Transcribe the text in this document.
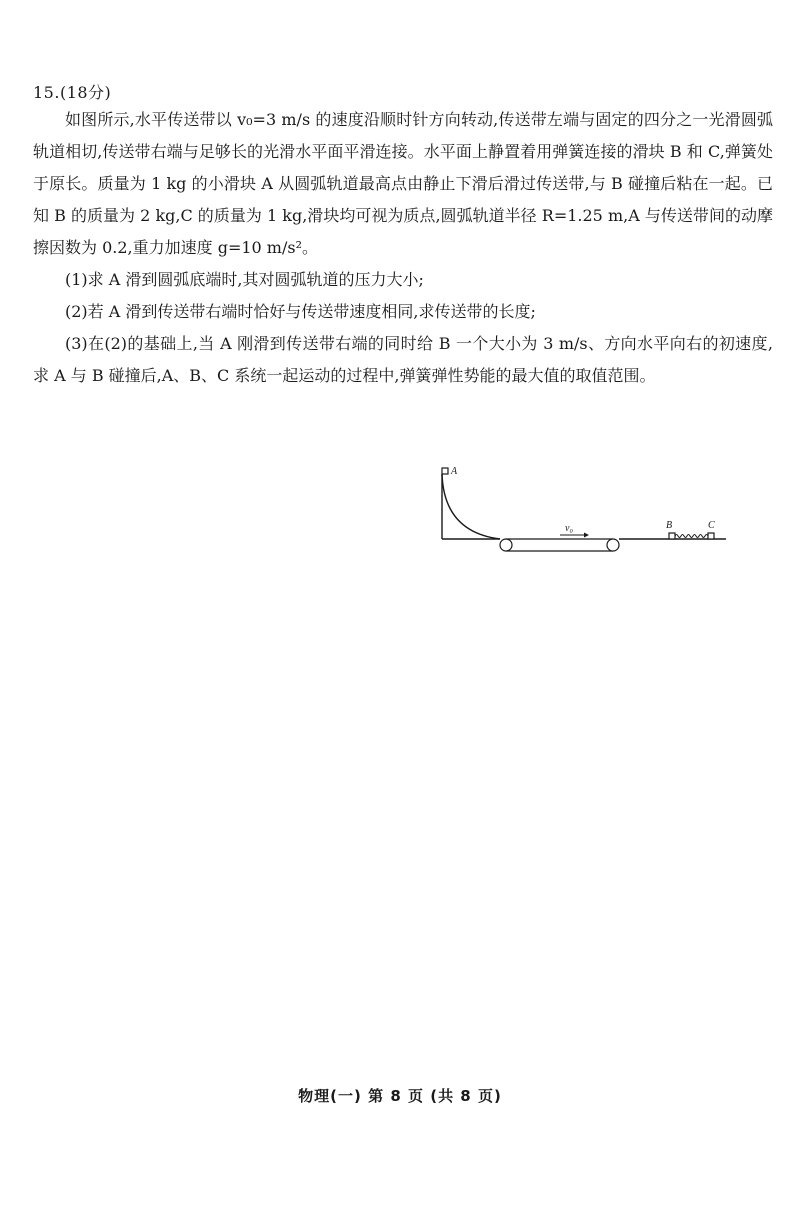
15.(18分)

如图所示,水平传送带以 v₀=3 m/s 的速度沿顺时针方向转动,传送带左端与固定的四分之一光滑圆弧轨道相切,传送带右端与足够长的光滑水平面平滑连接。水平面上静置着用弹簧连接的滑块 B 和 C,弹簧处于原长。质量为 1 kg 的小滑块 A 从圆弧轨道最高点由静止下滑后滑过传送带,与 B 碰撞后粘在一起。已知 B 的质量为 2 kg,C 的质量为 1 kg,滑块均可视为质点,圆弧轨道半径 R=1.25 m,A 与传送带间的动摩擦因数为 0.2,重力加速度 g=10 m/s²。

(1)求 A 滑到圆弧底端时,其对圆弧轨道的压力大小;

(2)若 A 滑到传送带右端时恰好与传送带速度相同,求传送带的长度;

(3)在(2)的基础上,当 A 刚滑到传送带右端的同时给 B 一个大小为 3 m/s、方向水平向右的初速度,求 A 与 B 碰撞后,A、B、C 系统一起运动的过程中,弹簧弹性势能的最大值的取值范围。

A
v₀	B	C
物理(一) 第 8 页 (共 8 页)
